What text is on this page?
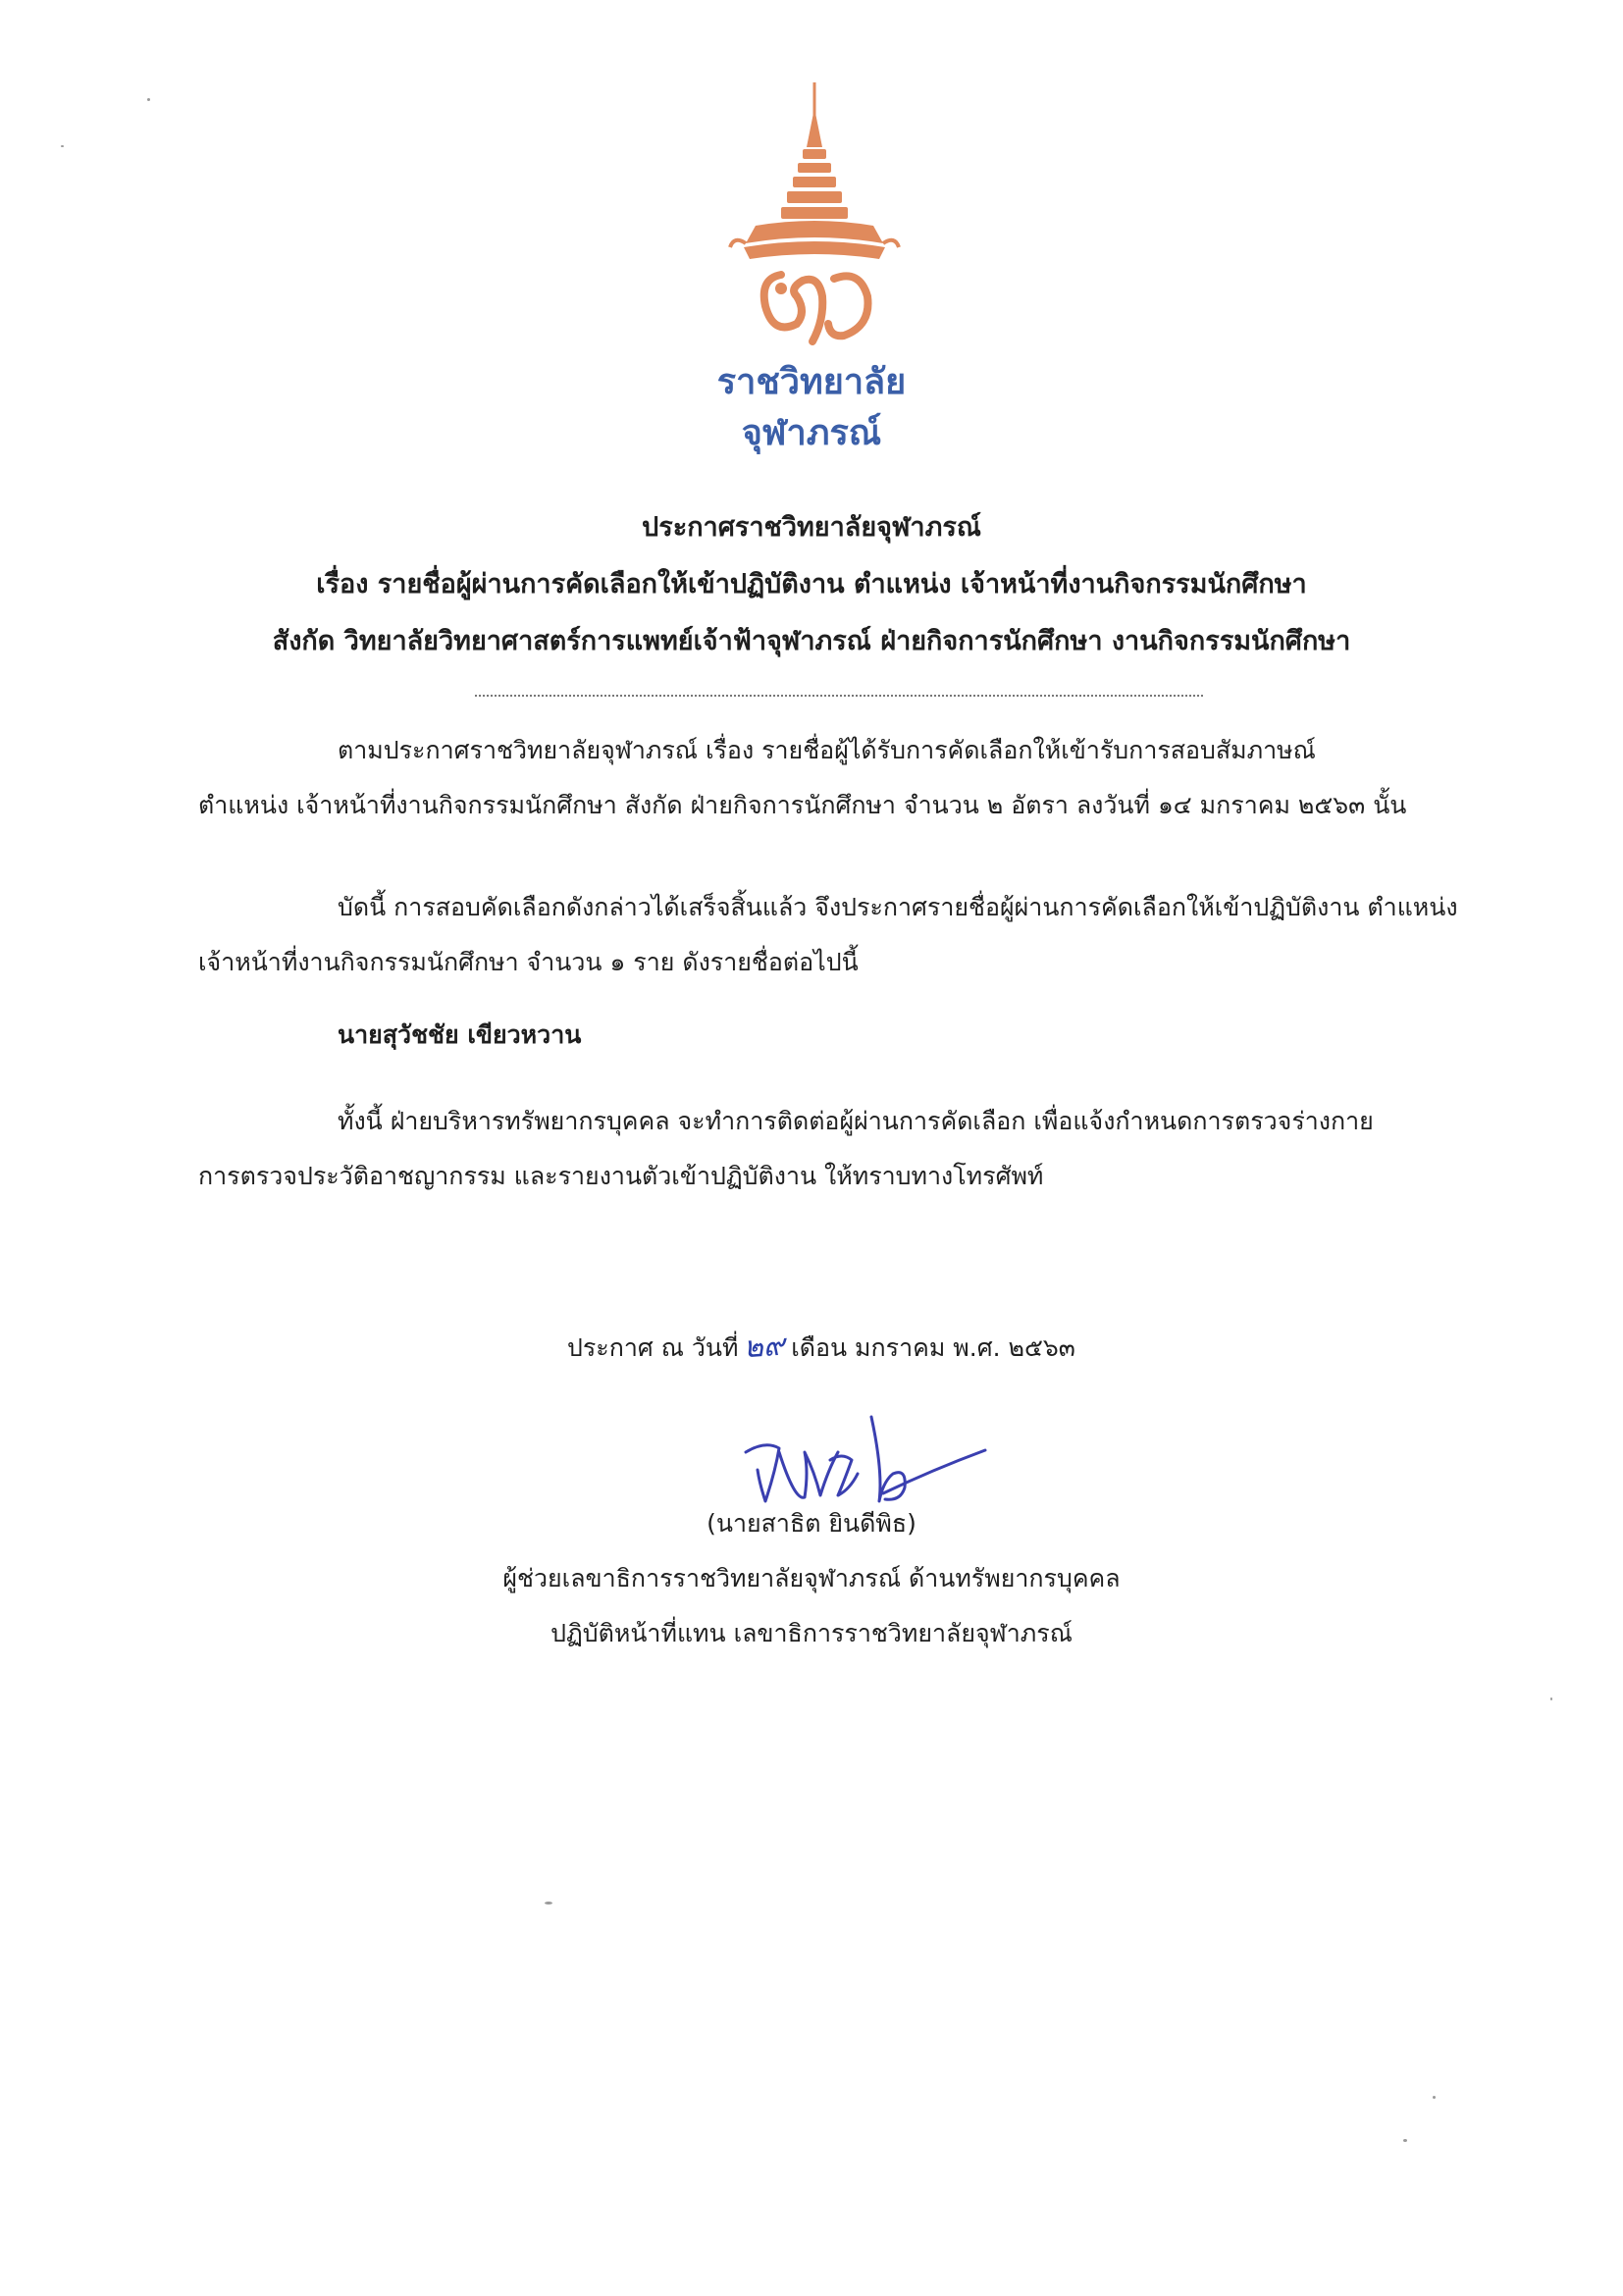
ราชวิทยาลัย
จุฬาภรณ์
ประกาศราชวิทยาลัยจุฬาภรณ์
เรื่อง รายชื่อผู้ผ่านการคัดเลือกให้เข้าปฏิบัติงาน ตำแหน่ง เจ้าหน้าที่งานกิจกรรมนักศึกษา
สังกัด วิทยาลัยวิทยาศาสตร์การแพทย์เจ้าฟ้าจุฬาภรณ์ ฝ่ายกิจการนักศึกษา งานกิจกรรมนักศึกษา
ตามประกาศราชวิทยาลัยจุฬาภรณ์ เรื่อง รายชื่อผู้ได้รับการคัดเลือกให้เข้ารับการสอบสัมภาษณ์
ตำแหน่ง เจ้าหน้าที่งานกิจกรรมนักศึกษา สังกัด ฝ่ายกิจการนักศึกษา จำนวน ๒ อัตรา ลงวันที่ ๑๔ มกราคม ๒๕๖๓ นั้น
บัดนี้ การสอบคัดเลือกดังกล่าวได้เสร็จสิ้นแล้ว จึงประกาศรายชื่อผู้ผ่านการคัดเลือกให้เข้าปฏิบัติงาน ตำแหน่ง
เจ้าหน้าที่งานกิจกรรมนักศึกษา จำนวน ๑ ราย ดังรายชื่อต่อไปนี้
นายสุวัชชัย เขียวหวาน
ทั้งนี้ ฝ่ายบริหารทรัพยากรบุคคล จะทำการติดต่อผู้ผ่านการคัดเลือก เพื่อแจ้งกำหนดการตรวจร่างกาย
การตรวจประวัติอาชญากรรม และรายงานตัวเข้าปฏิบัติงาน ให้ทราบทางโทรศัพท์
ประกาศ ณ วันที่ ๒๙ เดือน มกราคม พ.ศ. ๒๕๖๓
(นายสาธิต ยินดีพิธ)
ผู้ช่วยเลขาธิการราชวิทยาลัยจุฬาภรณ์ ด้านทรัพยากรบุคคล
ปฏิบัติหน้าที่แทน เลขาธิการราชวิทยาลัยจุฬาภรณ์
